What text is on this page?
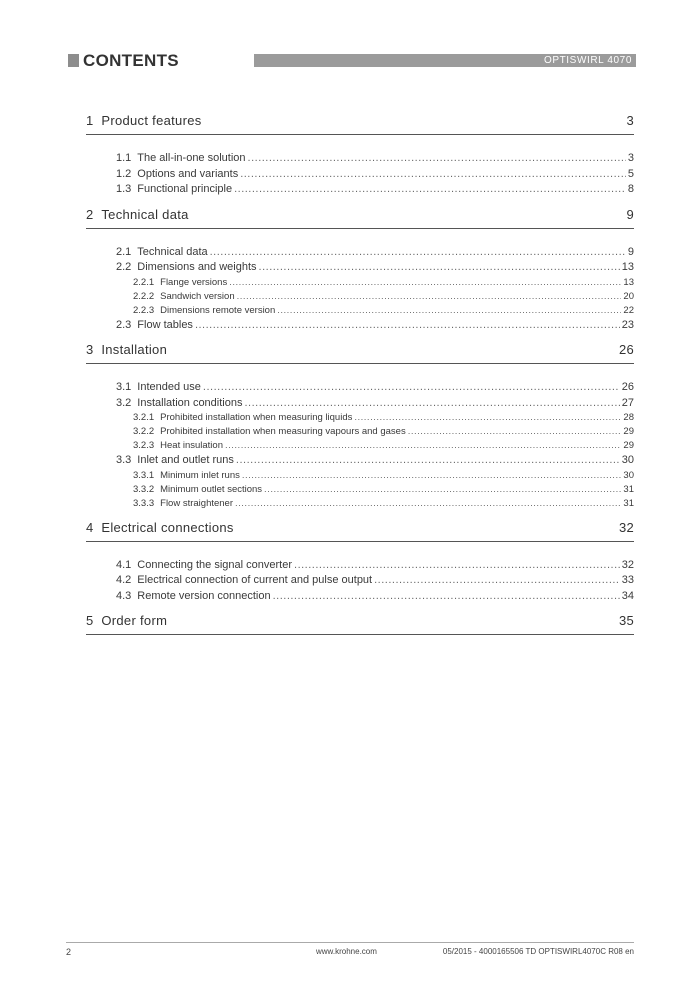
CONTENTS	OPTISWIRL 4070
1 Product features	3
1.1 The all-in-one solution .....	3
1.2 Options and variants .....	5
1.3 Functional principle .....	8
2 Technical data	9
2.1 Technical data .....	9
2.2 Dimensions and weights .....	13
2.2.1 Flange versions .....	13
2.2.2 Sandwich version .....	20
2.2.3 Dimensions remote version .....	22
2.3 Flow tables .....	23
3 Installation	26
3.1 Intended use .....	26
3.2 Installation conditions .....	27
3.2.1 Prohibited installation when measuring liquids .....	28
3.2.2 Prohibited installation when measuring vapours and gases .....	29
3.2.3 Heat insulation .....	29
3.3 Inlet and outlet runs .....	30
3.3.1 Minimum inlet runs .....	30
3.3.2 Minimum outlet sections .....	31
3.3.3 Flow straightener .....	31
4 Electrical connections	32
4.1 Connecting the signal converter .....	32
4.2 Electrical connection of current and pulse output .....	33
4.3 Remote version connection .....	34
5 Order form	35
2	www.krohne.com	05/2015 - 4000165506 TD OPTISWIRL4070C R08 en
